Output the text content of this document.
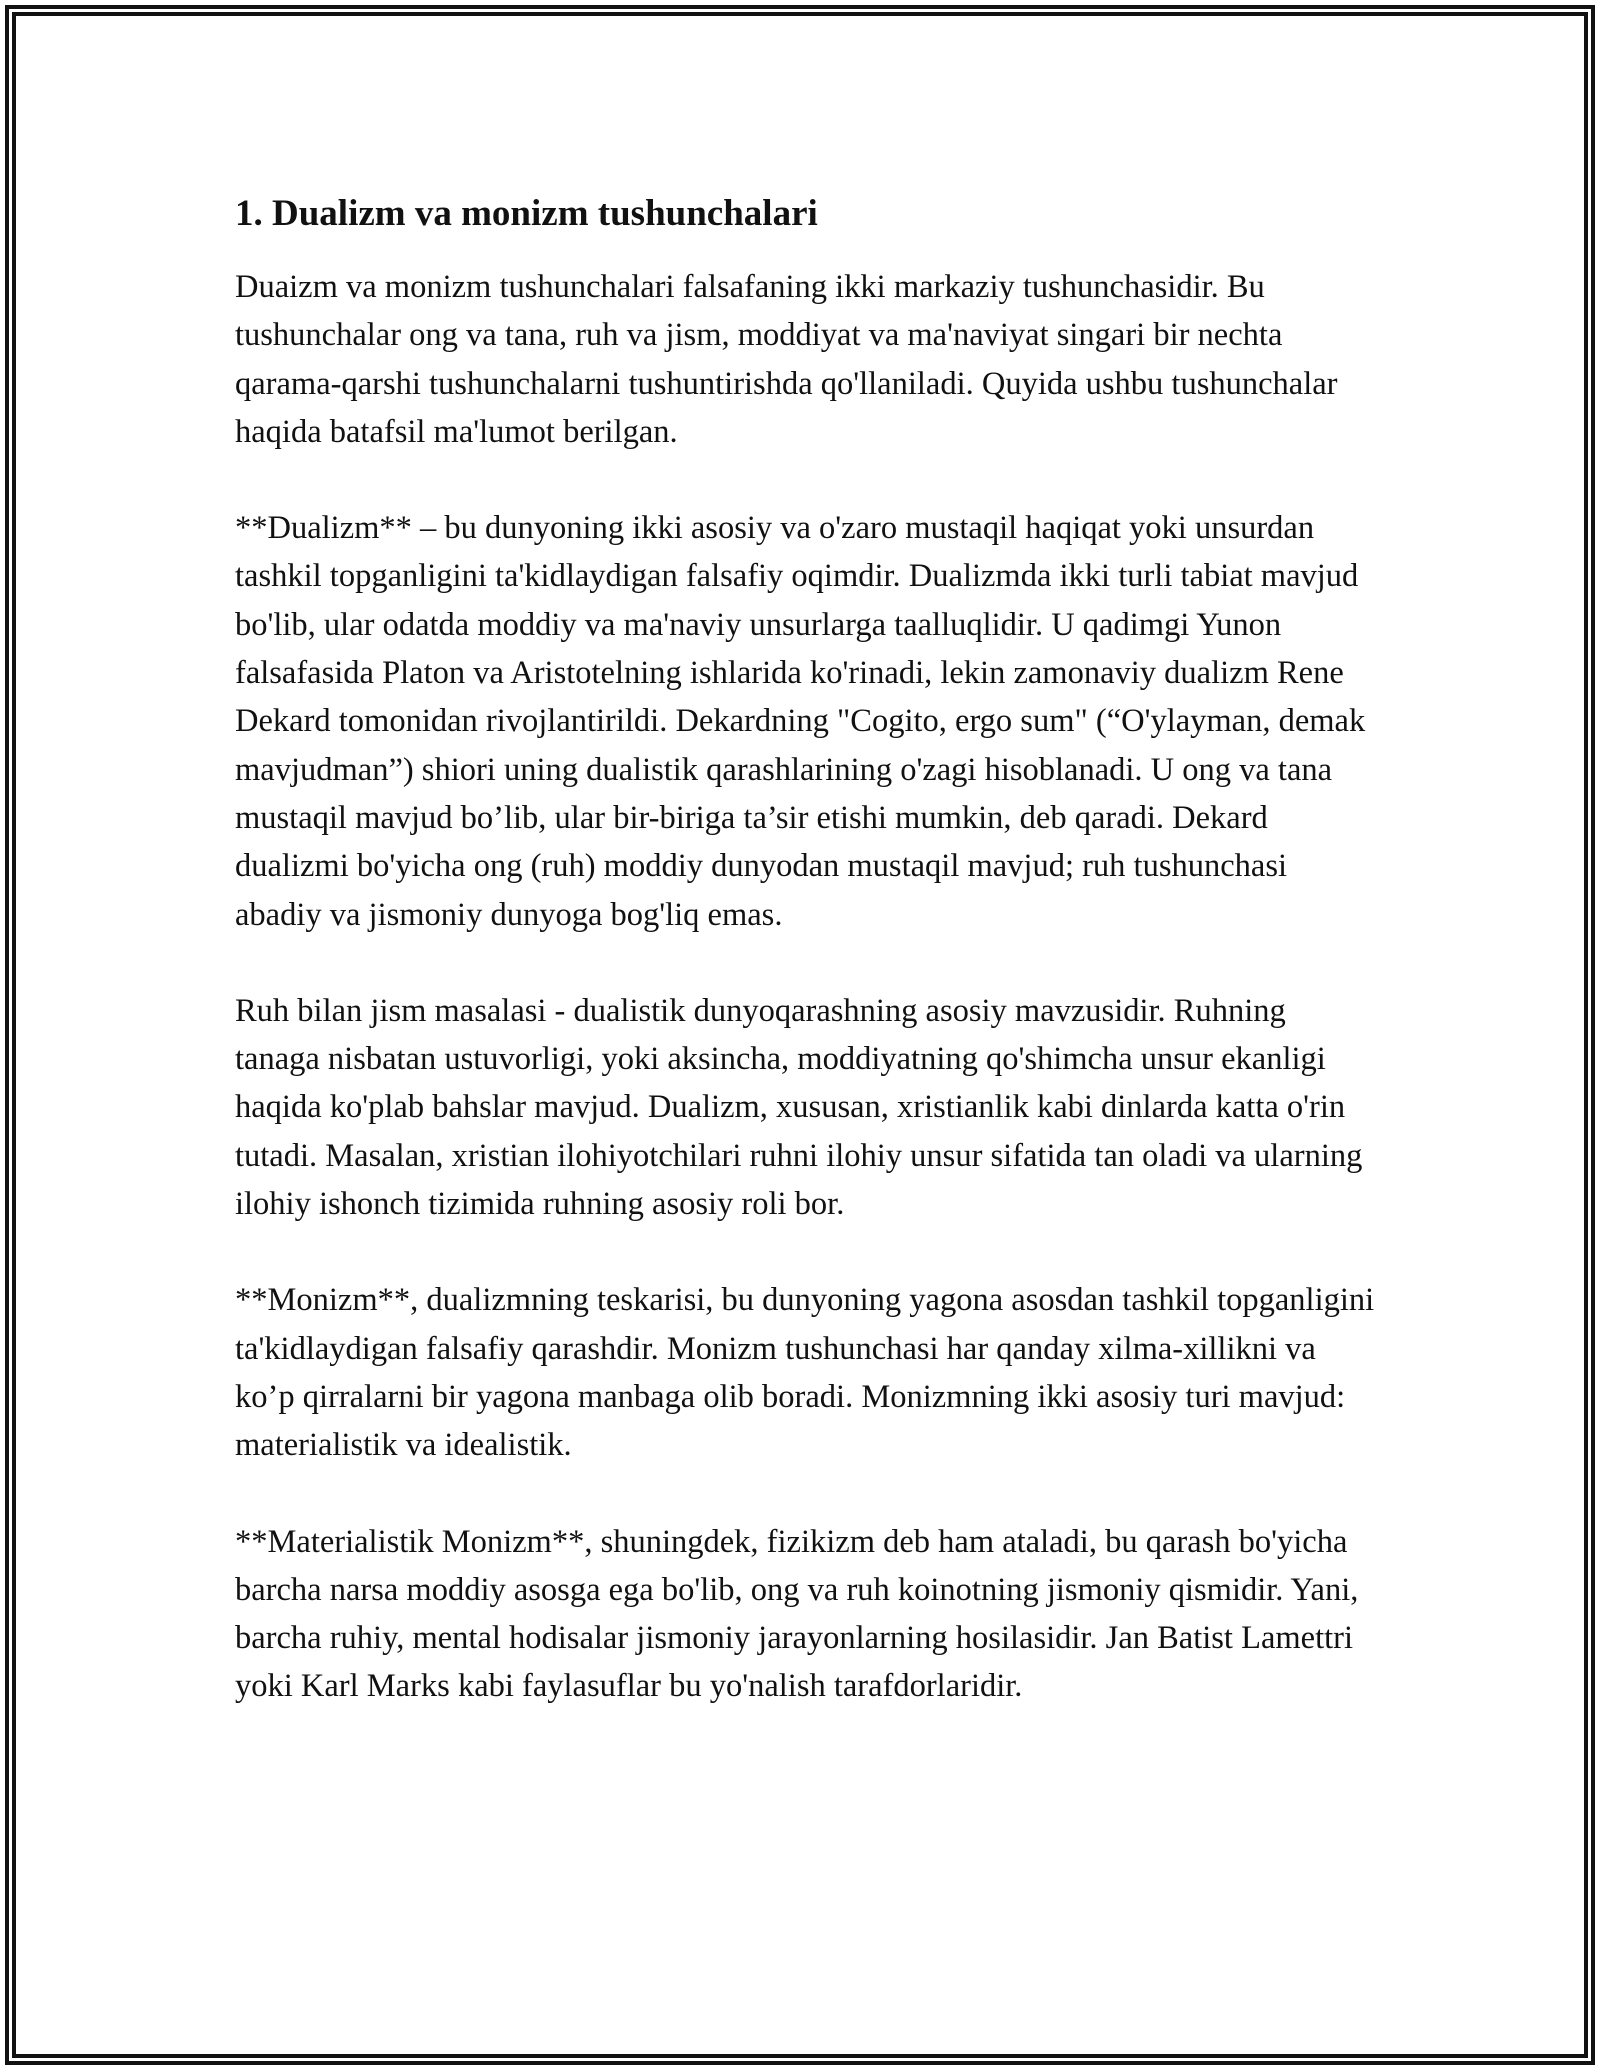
1. Dualizm va monizm tushunchalari

Duaizm va monizm tushunchalari falsafaning ikki markaziy tushunchasidir. Bu tushunchalar ong va tana, ruh va jism, moddiyat va ma'naviyat singari bir nechta qarama-qarshi tushunchalarni tushuntirishda qo'llaniladi. Quyida ushbu tushunchalar haqida batafsil ma'lumot berilgan.

**Dualizm** – bu dunyoning ikki asosiy va o'zaro mustaqil haqiqat yoki unsurdan tashkil topganligini ta'kidlaydigan falsafiy oqimdir. Dualizmda ikki turli tabiat mavjud bo'lib, ular odatda moddiy va ma'naviy unsurlarga taalluqlidir. U qadimgi Yunon falsafasida Platon va Aristotelning ishlarida ko'rinadi, lekin zamonaviy dualizm Rene Dekard tomonidan rivojlantirildi. Dekardning "Cogito, ergo sum" (“O'ylayman, demak mavjudman”) shiori uning dualistik qarashlarining o'zagi hisoblanadi. U ong va tana mustaqil mavjud bo’lib, ular bir-biriga ta’sir etishi mumkin, deb qaradi. Dekard dualizmi bo'yicha ong (ruh) moddiy dunyodan mustaqil mavjud; ruh tushunchasi abadiy va jismoniy dunyoga bog'liq emas.

Ruh bilan jism masalasi - dualistik dunyoqarashning asosiy mavzusidir. Ruhning tanaga nisbatan ustuvorligi, yoki aksincha, moddiyatning qo'shimcha unsur ekanligi haqida ko'plab bahslar mavjud. Dualizm, xususan, xristianlik kabi dinlarda katta o'rin tutadi. Masalan, xristian ilohiyotchilari ruhni ilohiy unsur sifatida tan oladi va ularning ilohiy ishonch tizimida ruhning asosiy roli bor.

**Monizm**, dualizmning teskarisi, bu dunyoning yagona asosdan tashkil topganligini ta'kidlaydigan falsafiy qarashdir. Monizm tushunchasi har qanday xilma-xillikni va ko’p qirralarni bir yagona manbaga olib boradi. Monizmning ikki asosiy turi mavjud: materialistik va idealistik.

**Materialistik Monizm**, shuningdek, fizikizm deb ham ataladi, bu qarash bo'yicha barcha narsa moddiy asosga ega bo'lib, ong va ruh koinotning jismoniy qismidir. Yani, barcha ruhiy, mental hodisalar jismoniy jarayonlarning hosilasidir. Jan Batist Lamettri yoki Karl Marks kabi faylasuflar bu yo'nalish tarafdorlaridir.
